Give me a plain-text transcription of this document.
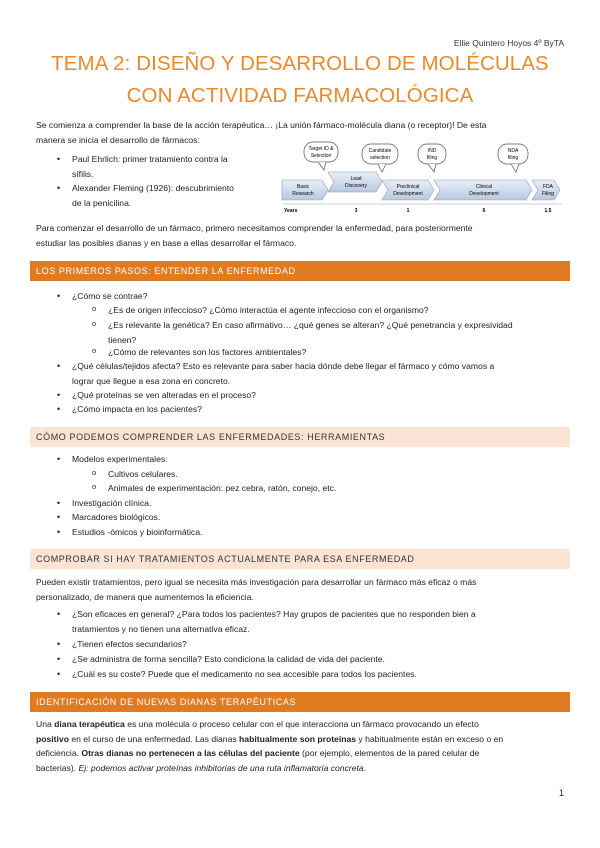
Ellie Quintero Hoyos 4º ByTA
TEMA 2: DISEÑO Y DESARROLLO DE MOLÉCULAS
CON ACTIVIDAD FARMACOLÓGICA
Se comienza a comprender la base de la acción terapéutica… ¡La unión fármaco-molécula diana (o receptor)! De esta
manera se inicia el desarrollo de fármacos:
• Paul Ehrlich: primer tratamiento contra la
sífilis.
• Alexander Fleming (1926): descubrimiento
de la penicilina.
Target ID &
Selection
Candidate
selection
IND
filing
NDA
filing
Basic
Research
Lead
Discovery	Preclinical
Development
Clinical
Development
FDA
Filing
Years	3	1	6	1.5
Para comenzar el desarrollo de un fármaco, primero necesitamos comprender la enfermedad, para posteriormente
estudiar las posibles dianas y en base a ellas desarrollar el fármaco.
LOS PRIMEROS PASOS: ENTENDER LA ENFERMEDAD
• ¿Cómo se contrae?
o ¿Es de origen infeccioso? ¿Cómo interactúa el agente infeccioso con el organismo?
o ¿Es relevante la genética? En caso afirmativo… ¿qué genes se alteran? ¿Qué penetrancia y expresividad
tienen?
o ¿Cómo de relevantes son los factores ambientales?
• ¿Qué células/tejidos afecta? Esto es relevante para saber hacia dónde debe llegar el fármaco y cómo vamos a
lograr que llegue a esa zona en concreto.
• ¿Qué proteínas se ven alteradas en el proceso?
• ¿Cómo impacta en los pacientes?
CÓMO PODEMOS COMPRENDER LAS ENFERMEDADES: HERRAMIENTAS
• Modelos experimentales:
o Cultivos celulares.
o Animales de experimentación: pez cebra, ratón, conejo, etc.
• Investigación clínica.
• Marcadores biológicos.
• Estudios -ómicos y bioinformática.
COMPROBAR SI HAY TRATAMIENTOS ACTUALMENTE PARA ESA ENFERMEDAD
Pueden existir tratamientos, pero igual se necesita más investigación para desarrollar un fármaco más eficaz o más
personalizado, de manera que aumentemos la eficiencia.
• ¿Son eficaces en general? ¿Para todos los pacientes? Hay grupos de pacientes que no responden bien a
tratamientos y no tienen una alternativa eficaz.
• ¿Tienen efectos secundarios?
• ¿Se administra de forma sencilla? Esto condiciona la calidad de vida del paciente.
• ¿Cuál es su coste? Puede que el medicamento no sea accesible para todos los pacientes.
IDENTIFICACIÓN DE NUEVAS DIANAS TERAPÉUTICAS
Una diana terapéutica es una molécula o proceso celular con el que interacciona un fármaco provocando un efecto
positivo en el curso de una enfermedad. Las dianas habitualmente son proteínas y habitualmente están en exceso o en
deficiencia. Otras dianas no pertenecen a las células del paciente (por ejemplo, elementos de la pared celular de
bacterias). Ej: podemos activar proteínas inhibitorias de una ruta inflamatoria concreta.
1
